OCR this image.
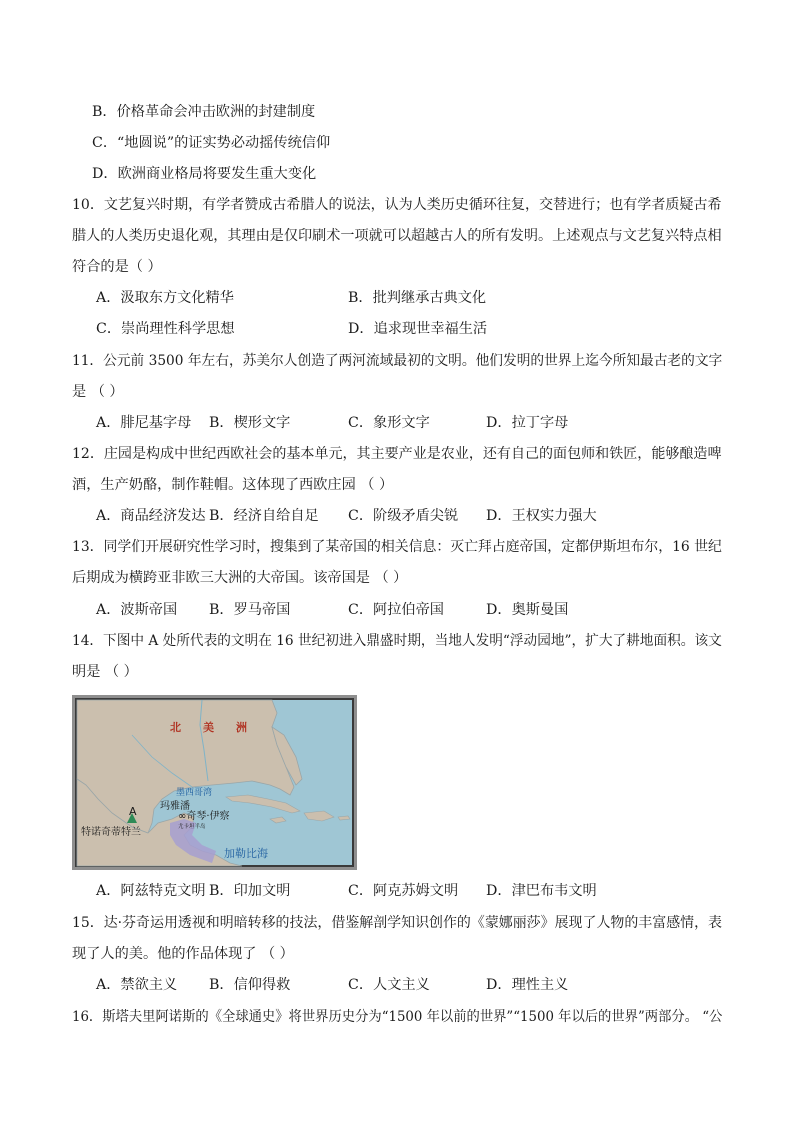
B．价格革命会冲击欧洲的封建制度
C．“地圆说”的证实势必动摇传统信仰
D．欧洲商业格局将要发生重大变化
10．文艺复兴时期，有学者赞成古希腊人的说法，认为人类历史循环往复，交替进行；也有学者质疑古希
腊人的人类历史退化观，其理由是仅印刷术一项就可以超越古人的所有发明。上述观点与文艺复兴特点相
符合的是（ ）
A．汲取东方文化精华	B．批判继承古典文化
C．崇尚理性科学思想	D．追求现世幸福生活
11．公元前 3500 年左右，苏美尔人创造了两河流域最初的文明。他们发明的世界上迄今所知最古老的文字
是 （ ）
A．腓尼基字母 B．楔形文字	C．象形文字	D．拉丁字母
12．庄园是构成中世纪西欧社会的基本单元，其主要产业是农业，还有自己的面包师和铁匠，能够酿造啤
酒，生产奶酪，制作鞋帽。这体现了西欧庄园 （ ）
A．商品经济发达 B．经济自给自足 C．阶级矛盾尖锐 D．王权实力强大
13．同学们开展研究性学习时，搜集到了某帝国的相关信息：灭亡拜占庭帝国，定都伊斯坦布尔，16 世纪
后期成为横跨亚非欧三大洲的大帝国。该帝国是 （ ）
A．波斯帝国 B．罗马帝国	C．阿拉伯帝国	D．奥斯曼国
14．下图中 A 处所代表的文明在 16 世纪初进入鼎盛时期，当地人发明“浮动园地”，扩大了耕地面积。该文
明是 （ ）
北　　美　　洲
墨西哥湾
玛雅潘
A	∞奇琴·伊察
尤卡坦半岛
特诺奇蒂特兰
加勒比海
A．阿兹特克文明 B．印加文明	C．阿克苏姆文明 D．津巴布韦文明
15．达·芬奇运用透视和明暗转移的技法，借鉴解剖学知识创作的《蒙娜丽莎》展现了人物的丰富感情，表
现了人的美。他的作品体现了 （ ）
A．禁欲主义 B．信仰得救	C．人文主义	D．理性主义
16．斯塔夫里阿诺斯的《全球通史》将世界历史分为“1500 年以前的世界”“1500 年以后的世界”两部分。 “公
